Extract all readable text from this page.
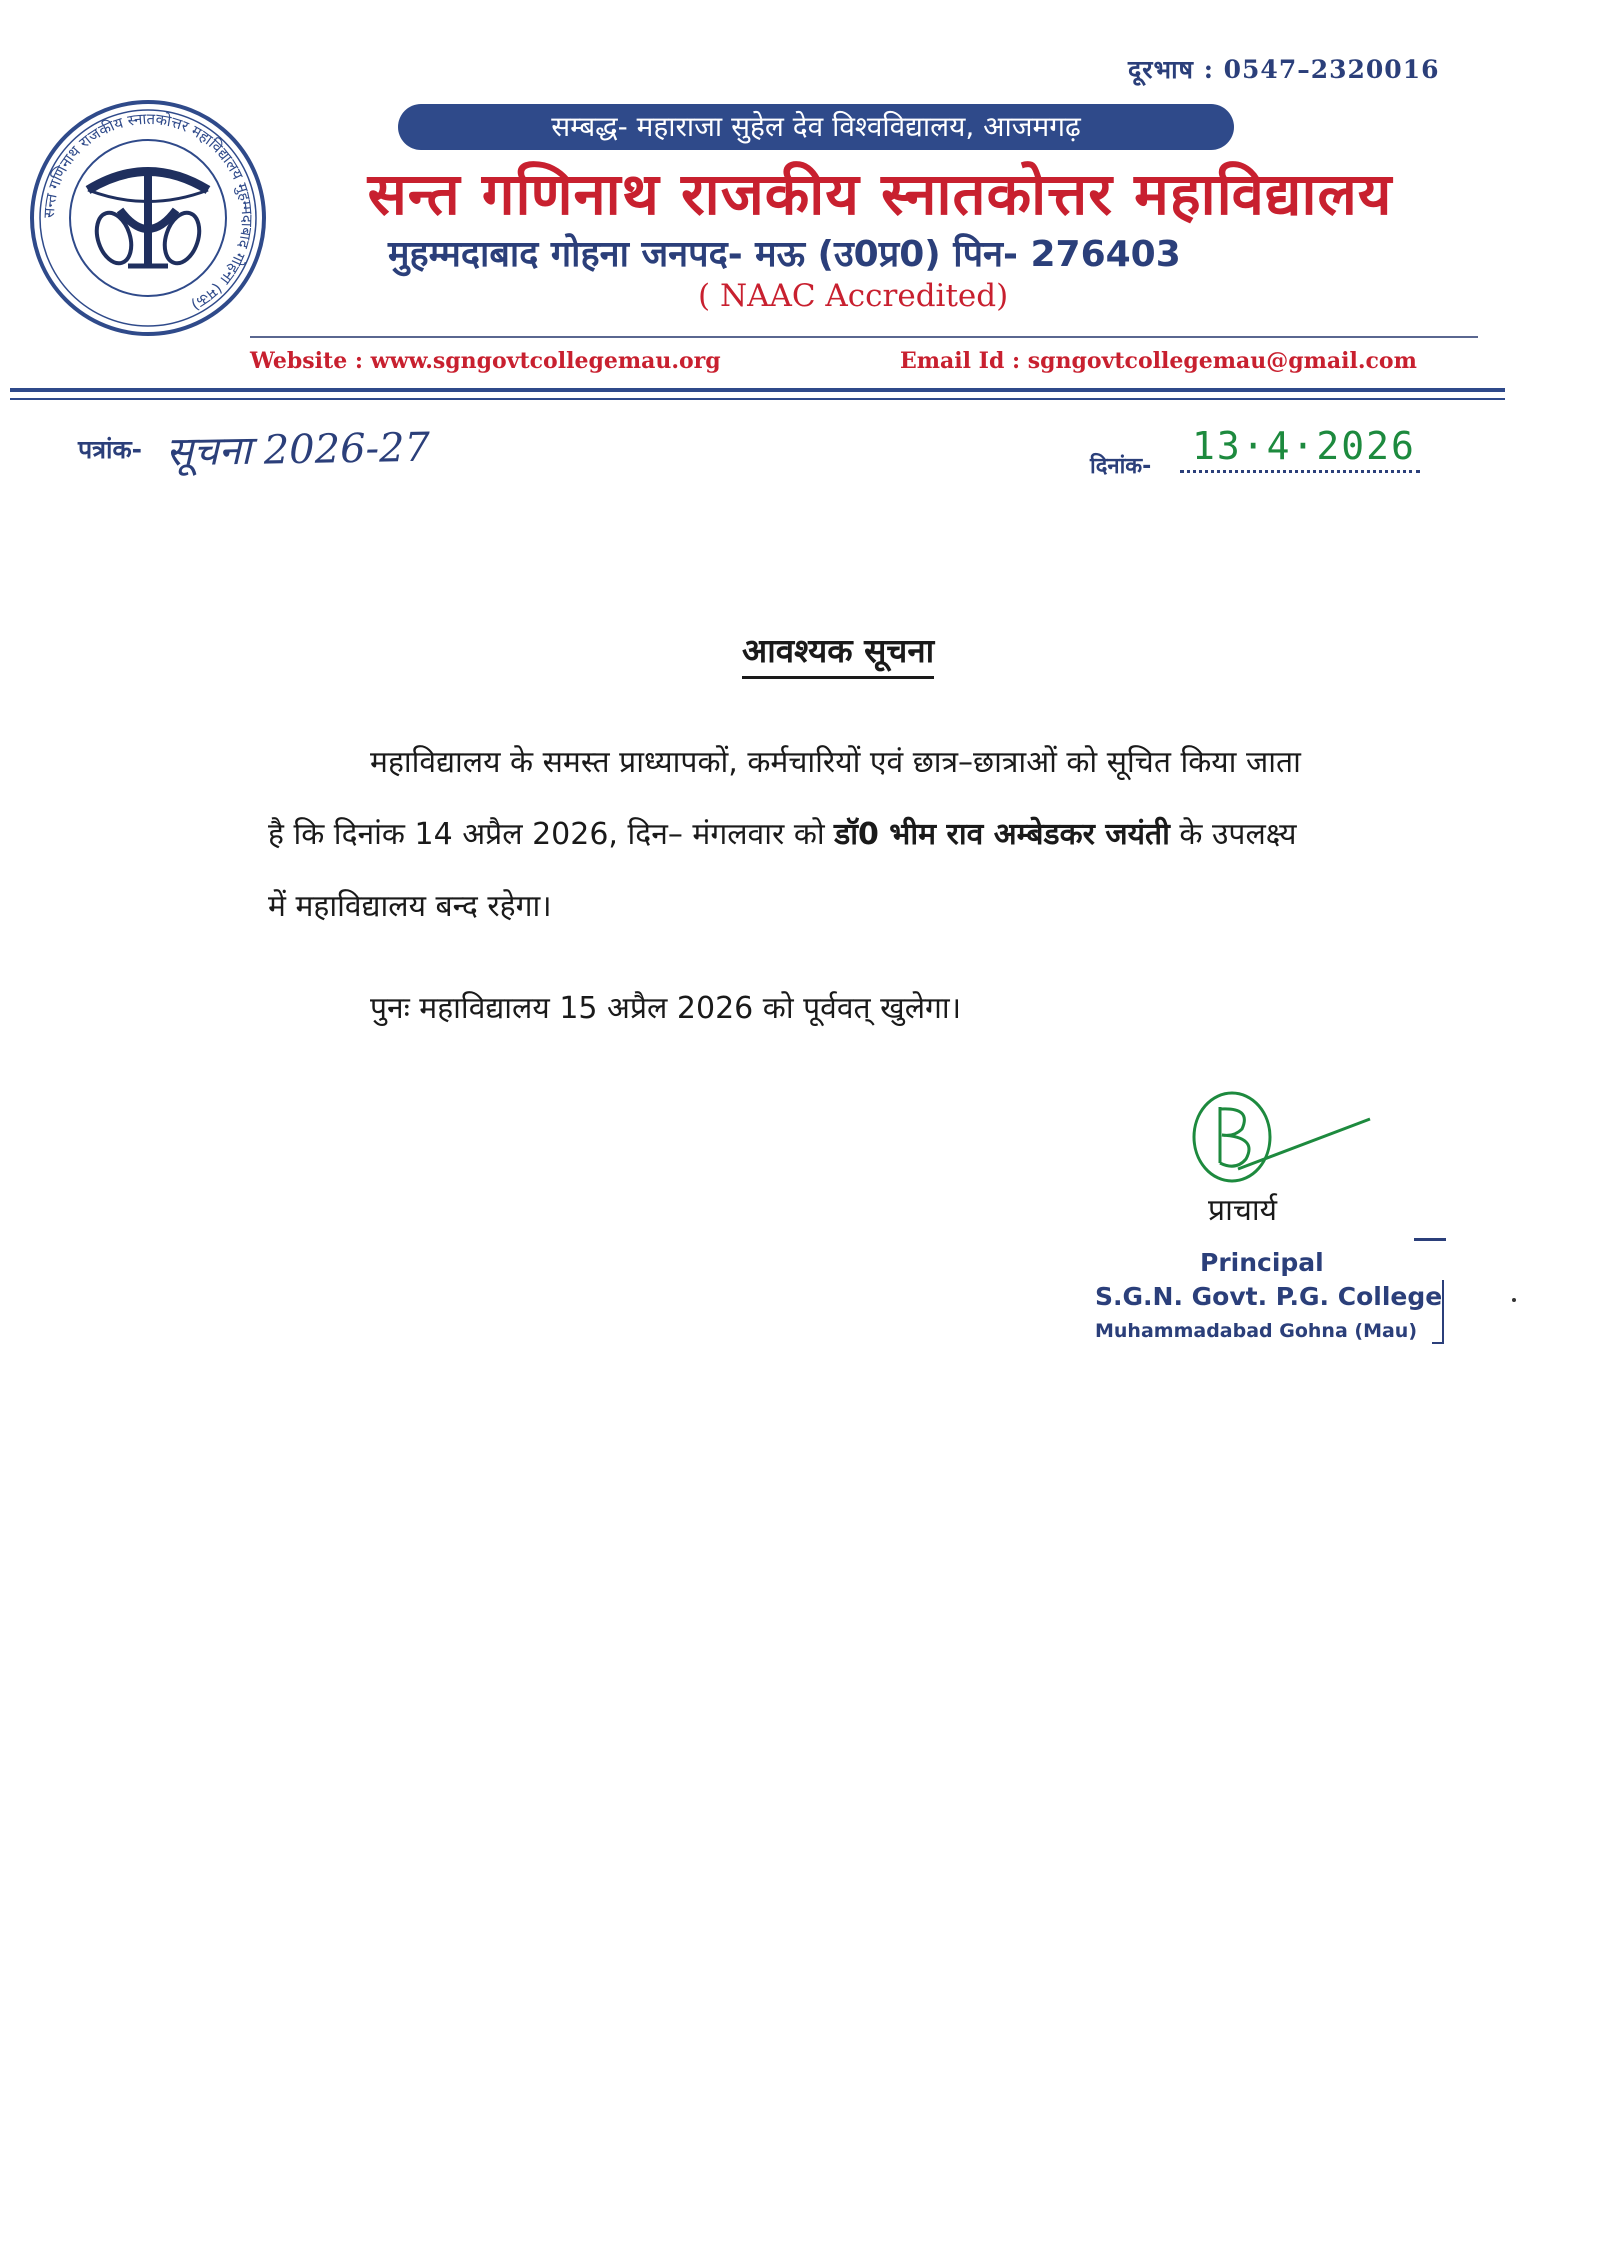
दूरभाष : 0547–2320016
सन्त गणिनाथ राजकीय स्नातकोत्तर महाविद्यालय मुहम्मदाबाद गोहना (मऊ)
सम्बद्ध- महाराजा सुहेल देव विश्वविद्यालय, आजमगढ़
सन्त गणिनाथ राजकीय स्नातकोत्तर महाविद्यालय
मुहम्मदाबाद गोहना जनपद- मऊ (उ0प्र0) पिन- 276403
( NAAC Accredited)
Website : www.sgngovtcollegemau.org	Email Id : sgngovtcollegemau@gmail.com
पत्रांक- सूचना 2026-27	दिनांक- 13·4·2026
आवश्यक सूचना
महाविद्यालय के समस्त प्राध्यापकों, कर्मचारियों एवं छात्र–छात्राओं को सूचित किया जाता
है कि दिनांक 14 अप्रैल 2026, दिन– मंगलवार को डॉ0 भीम राव अम्बेडकर जयंती के उपलक्ष्य
में महाविद्यालय बन्द रहेगा।
पुनः महाविद्यालय 15 अप्रैल 2026 को पूर्ववत् खुलेगा।
प्राचार्य
Principal
S.G.N. Govt. P.G. College
Muhammadabad Gohna (Mau)
